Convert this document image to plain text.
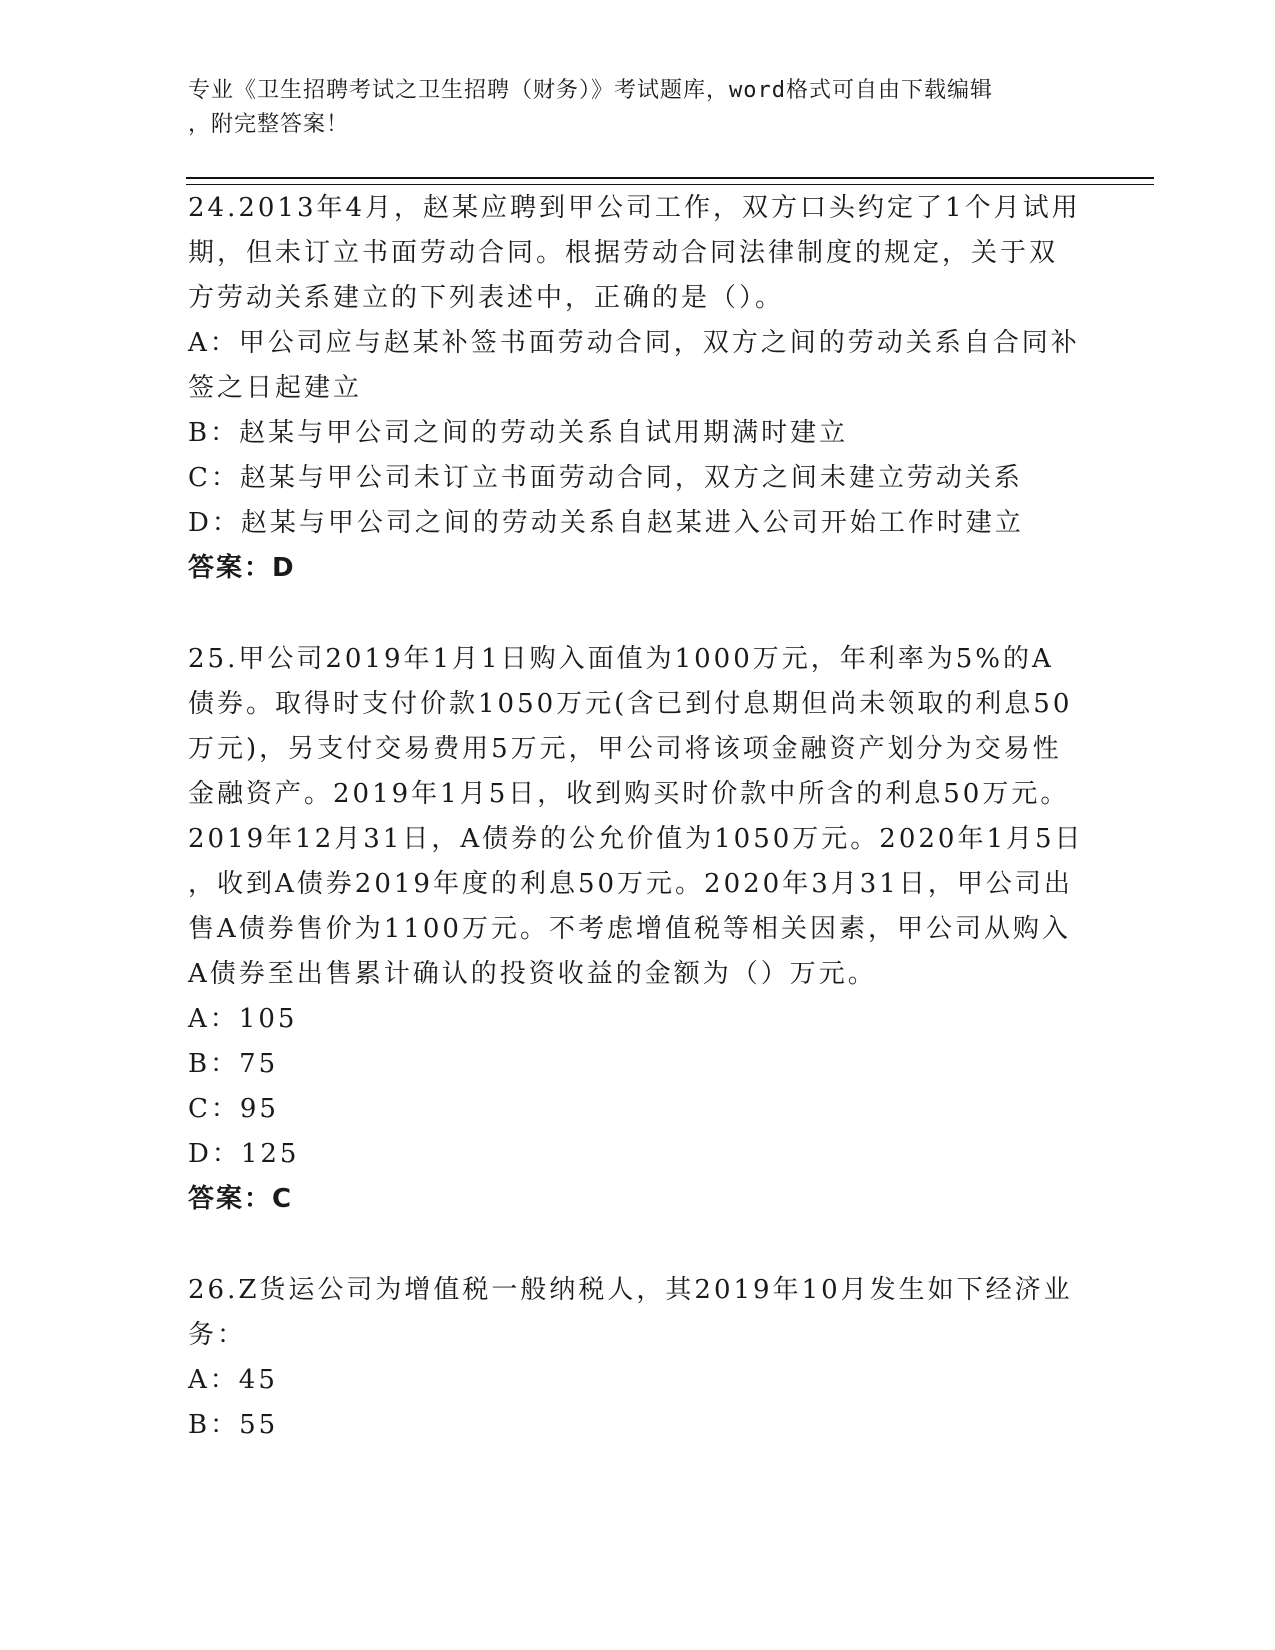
专业《卫生招聘考试之卫生招聘（财务）》考试题库，word格式可自由下载编辑
，附完整答案！
24.2013年4月，赵某应聘到甲公司工作，双方口头约定了1个月试用
期，但未订立书面劳动合同。根据劳动合同法律制度的规定，关于双
方劳动关系建立的下列表述中，正确的是（）。
A：甲公司应与赵某补签书面劳动合同，双方之间的劳动关系自合同补
签之日起建立
B：赵某与甲公司之间的劳动关系自试用期满时建立
C：赵某与甲公司未订立书面劳动合同，双方之间未建立劳动关系
D：赵某与甲公司之间的劳动关系自赵某进入公司开始工作时建立
答案：D
25.甲公司2019年1月1日购入面值为1000万元，年利率为5%的A
债券。取得时支付价款1050万元(含已到付息期但尚未领取的利息50
万元)，另支付交易费用5万元，甲公司将该项金融资产划分为交易性
金融资产。2019年1月5日，收到购买时价款中所含的利息50万元。
2019年12月31日，A债券的公允价值为1050万元。2020年1月5日
，收到A债券2019年度的利息50万元。2020年3月31日，甲公司出
售A债券售价为1100万元。不考虑增值税等相关因素，甲公司从购入
A债券至出售累计确认的投资收益的金额为（）万元。
A：105
B：75
C：95
D：125
答案：C
26.Z货运公司为增值税一般纳税人，其2019年10月发生如下经济业
务：
A：45
B：55
